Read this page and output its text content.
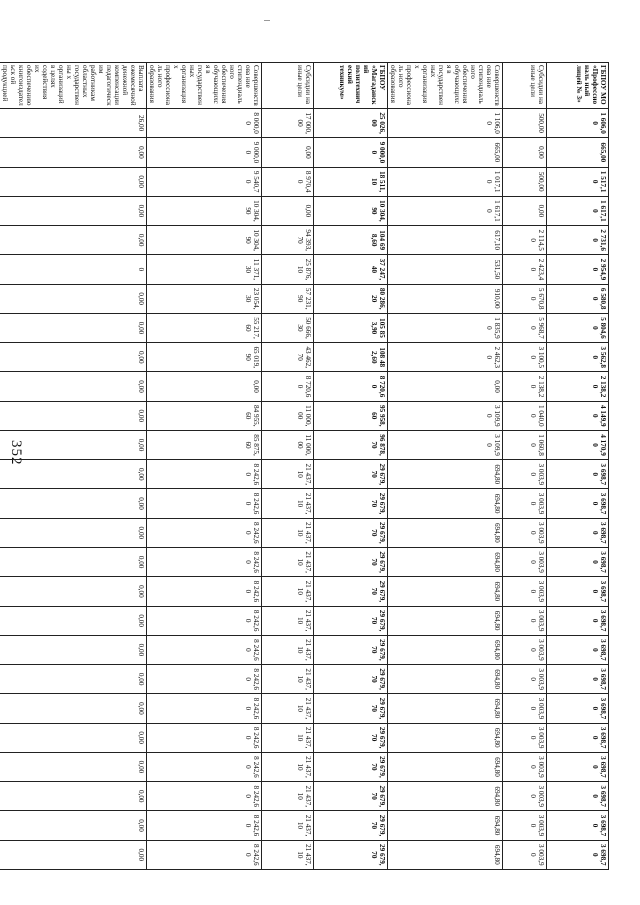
352
ГБПОУ МО «Профессиональ ный лицей № 3»	1 606,00	665,00	1 517,10	1 617,10	2 731,60	2 954,90	6 580,80	5 804,60	3 562,80	2 138,20	4 149,90	4 170,90	3 698,70	3 698,70	3 698,70	3 698,70	3 698,70	3 698,70	3 698,70	3 698,70	3 698,70	3 698,70	3 698,70	3 698,70	3 698,70	3 698,70
Субсидии на иные цели	500,00	0,00	500,00	0,00	2 114,50	2 423,40	5 670,80	5 968,70	3 100,50	2 138,20	1 040,00	1 060,80	3 003,90	3 003,90	3 003,90	3 003,90	3 003,90	3 003,90	3 003,90	3 003,90	3 003,90	3 003,90	3 003,90	3 003,90	3 003,90	3 003,90
Совершенствова ние стипендиального обеспечения обучающихся в государственных организациях профессиональ ного образования	1 106,00	665,00	1 017,10	1 617,10	617,10	531,50	910,00	1 835,90	2 462,30	0,00	3 109,90	3 109,90	694,80	694,80	694,80	694,80	694,80	694,80	694,80	694,80	694,80	694,80	694,80	694,80	694,80	694,80
ГБПОУ «Магаданский политехнический техникум»	25 026,00	9 000,00	18 511,10	10 304,90	104 698,60	37 247,40	80 286,20	105 853,90	108 482,60	8 720,60	95 958,60	96 878,70	29 679,70	29 679,70	29 679,70	29 679,70	29 679,70	29 679,70	29 679,70	29 679,70	29 679,70	29 679,70	29 679,70	29 679,70	29 679,70	29 679,70
Субсидии на иные цели	17 000,00	0,00	8 970,40	0,00	94 393,70	25 876,10	57 231,90	50 666,30	43 462,70	8 720,60	11 000,00	11 000,00	21 437,10	21 437,10	21 437,10	21 437,10	21 437,10	21 437,10	21 437,10	21 437,10	21 437,10	21 437,10	21 437,10	21 437,10	21 437,10	21 437,10
Совершенствова ние стипендиального обеспечения обучающихся в государственных организациях профессиональ ного образования	8 000,00	9 000,00	9 540,70	10 304,90	10 304,90	11 371,30	23 054,30	55 217,60	65 019,90	0,00	84 955,60	85 875,60	8 242,60	8 242,60	8 242,60	8 242,60	8 242,60	8 242,60	8 242,60	8 242,60	8 242,60	8 242,60	8 242,60	8 242,60	8 242,60	8 242,60
Выплата ежемесячной денежной компенсации педагогическим работникам областных государственны х организаций в целях содействия их обеспечению книгоиздательск ой продукцией	26,00	0,00	0,00	0,00	0,00	0	0,00	0,00	0,00	0,00	0,00	0,00	0,00	0,00	0,00	0,00	0,00	0,00	0,00	0,00	0,00	0,00	0,00	0,00	0,00	0,00
